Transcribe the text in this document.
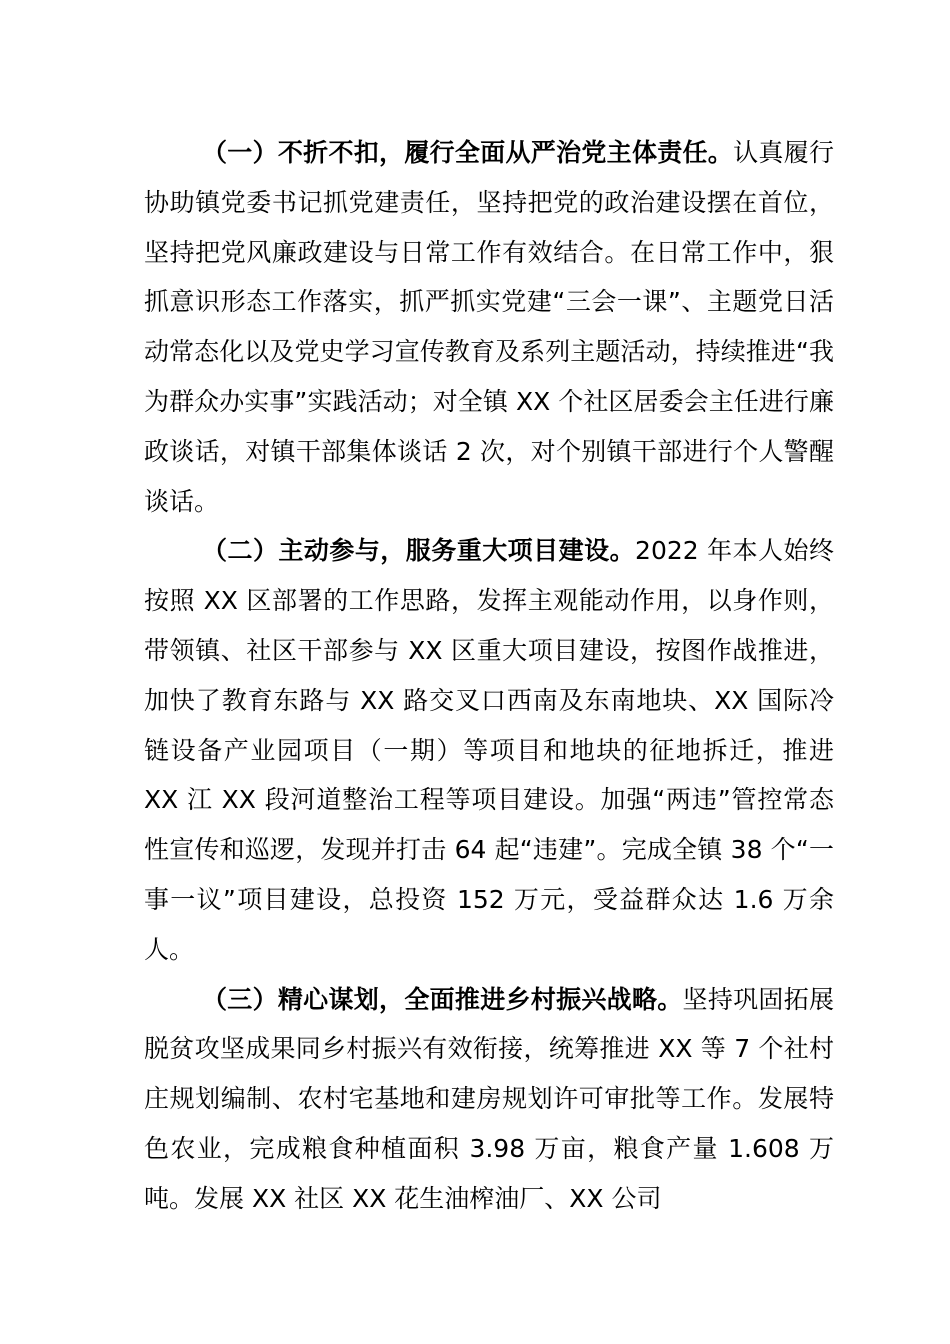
（一）不折不扣，履行全面从严治党主体责任。认真履行协助镇党委书记抓党建责任，坚持把党的政治建设摆在首位，坚持把党风廉政建设与日常工作有效结合。在日常工作中，狠抓意识形态工作落实，抓严抓实党建“三会一课”、主题党日活动常态化以及党史学习宣传教育及系列主题活动，持续推进“我为群众办实事”实践活动；对全镇 XX 个社区居委会主任进行廉政谈话，对镇干部集体谈话 2 次，对个别镇干部进行个人警醒谈话。

（二）主动参与，服务重大项目建设。2022 年本人始终按照 XX 区部署的工作思路，发挥主观能动作用，以身作则，带领镇、社区干部参与 XX 区重大项目建设，按图作战推进，加快了教育东路与 XX 路交叉口西南及东南地块、XX 国际冷链设备产业园项目（一期）等项目和地块的征地拆迁，推进 XX 江 XX 段河道整治工程等项目建设。加强“两违”管控常态性宣传和巡逻，发现并打击 64 起“违建”。完成全镇 38 个“一事一议”项目建设，总投资 152 万元，受益群众达 1.6 万余人。

（三）精心谋划，全面推进乡村振兴战略。坚持巩固拓展脱贫攻坚成果同乡村振兴有效衔接，统筹推进 XX 等 7 个社村庄规划编制、农村宅基地和建房规划许可审批等工作。发展特色农业，完成粮食种植面积 3.98 万亩，粮食产量 1.608 万吨。发展 XX 社区 XX 花生油榨油厂、XX 公司
